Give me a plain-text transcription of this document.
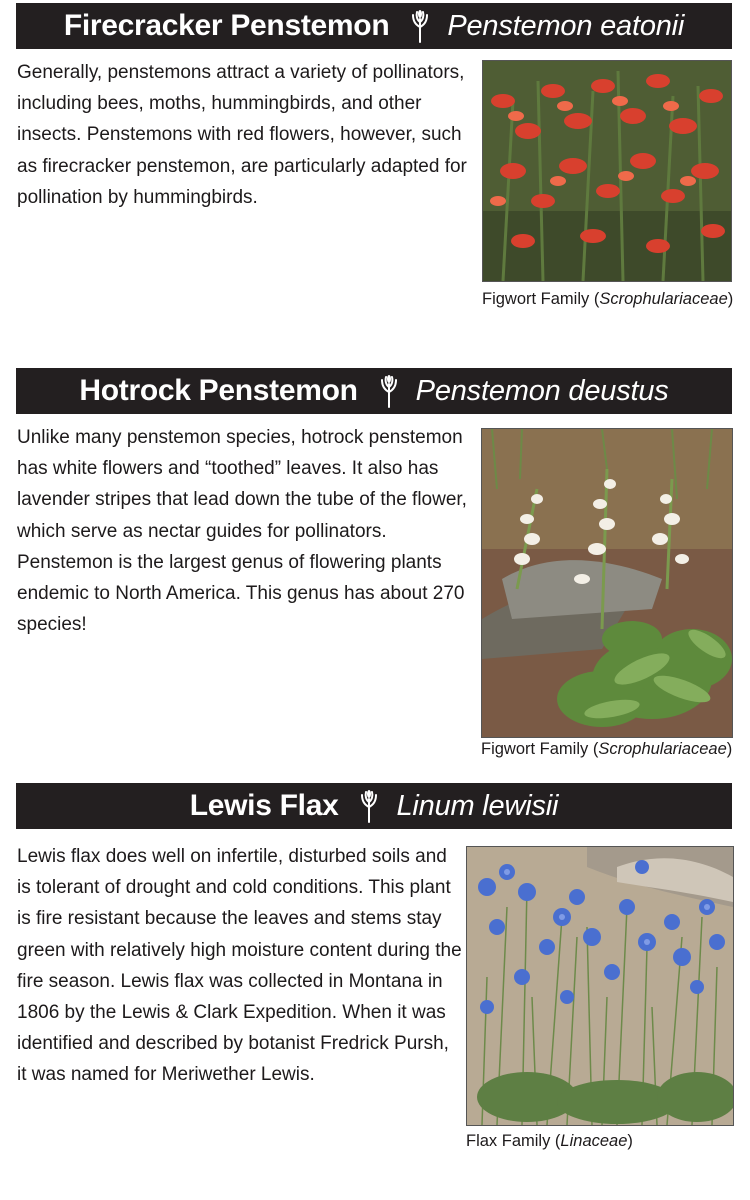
Firecracker Penstemon Penstemon eatonii

Generally, penstemons attract a variety of pollinators, including bees, moths, hummingbirds, and other insects. Penstemons with red flowers, however, such as firecracker penstemon, are particularly adapted for pollination by hummingbirds.

Figwort Family (Scrophulariaceae)
Hotrock Penstemon Penstemon deustus

Unlike many penstemon species, hotrock penstemon has white flowers and “toothed” leaves. It also has lavender stripes that lead down the tube of the flower, which serve as nectar guides for pollinators. Penstemon is the largest genus of flowering plants endemic to North America. This genus has about 270 species!

Figwort Family (Scrophulariaceae)
Lewis Flax Linum lewisii

Lewis flax does well on infertile, disturbed soils and is tolerant of drought and cold conditions. This plant is fire resistant because the leaves and stems stay green with relatively high moisture content during the fire season. Lewis flax was collected in Montana in 1806 by the Lewis & Clark Expedition. When it was identified and described by botanist Fredrick Pursh, it was named for Meriwether Lewis.

Flax Family (Linaceae)
